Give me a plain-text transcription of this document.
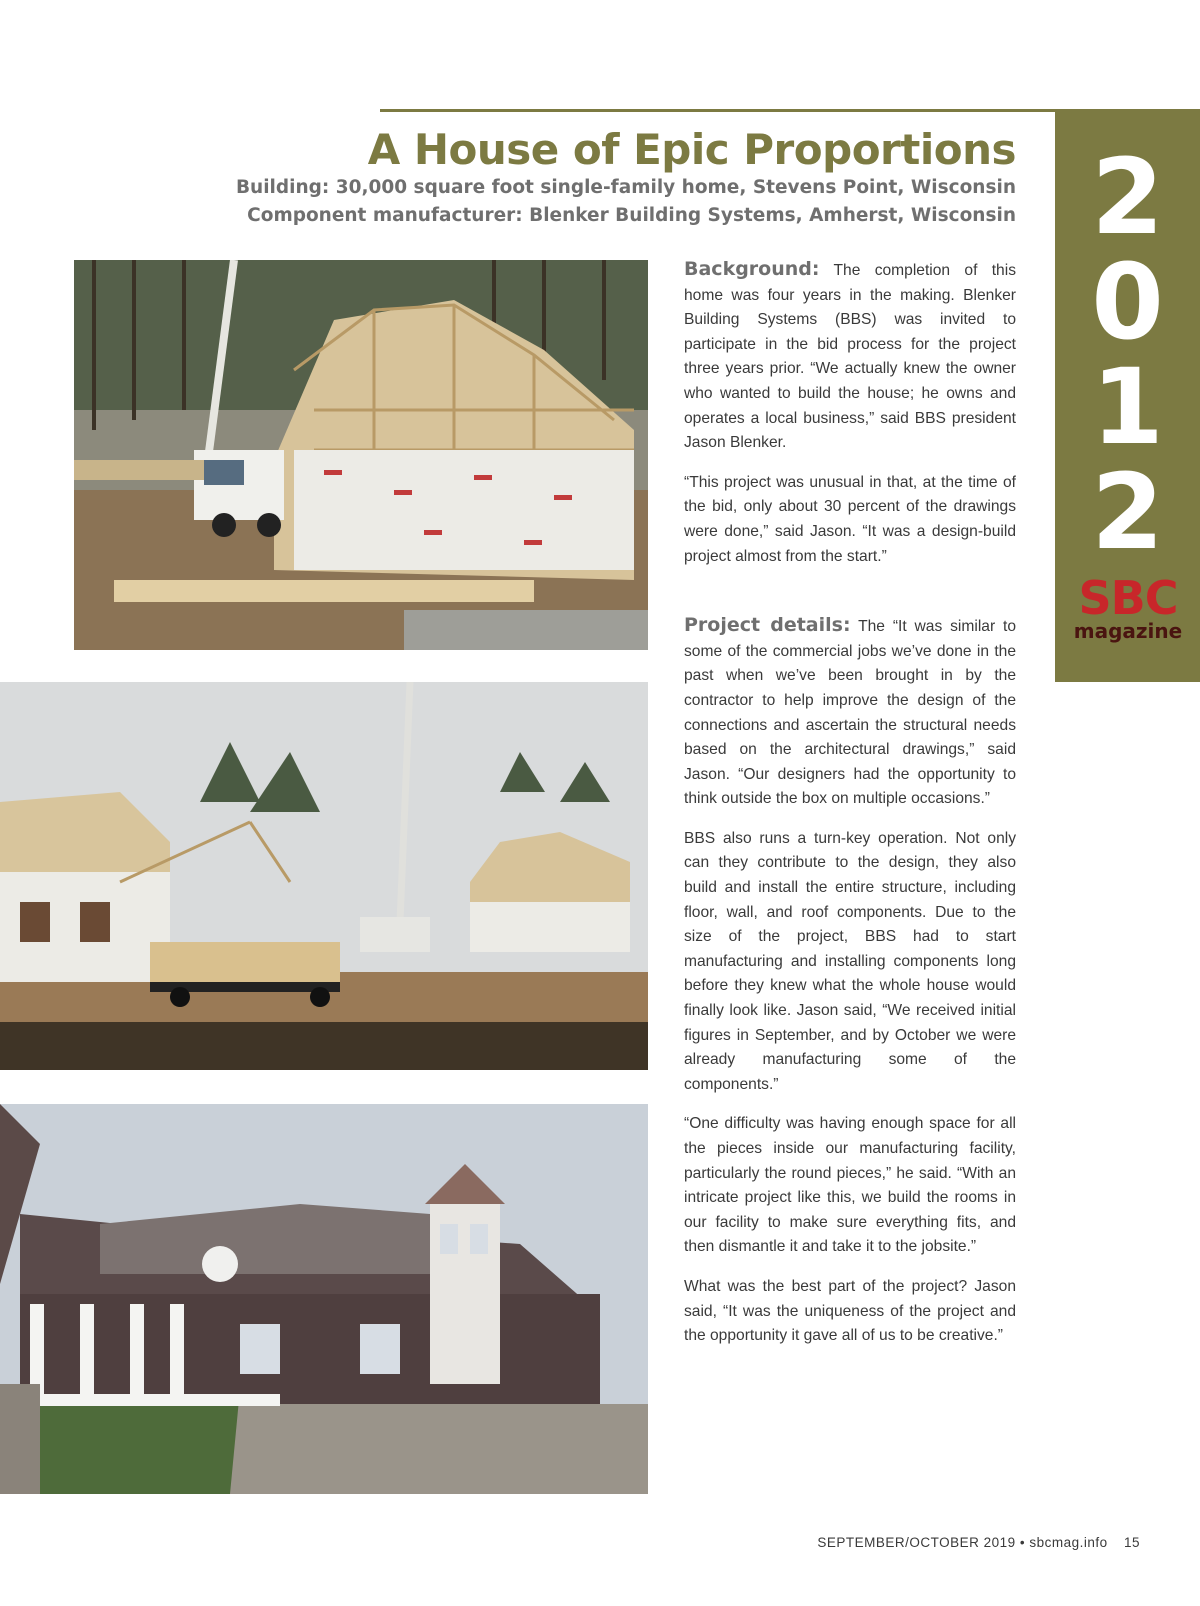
A House of Epic Proportions
Building: 30,000 square foot single-family home, Stevens Point, Wisconsin
Component manufacturer: Blenker Building Systems, Amherst, Wisconsin 2
0
1
2
SBC
magazine

Background: The completion of this home was four years in the making. Blenker Building Systems (BBS) was invited to participate in the bid process for the project three years prior. “We actually knew the owner who wanted to build the house; he owns and operates a local business,” said BBS president Jason Blenker.

“This project was unusual in that, at the time of the bid, only about 30 percent of the drawings were done,” said Jason. “It was a design-build project almost from the start.”

Project details: The “It was similar to some of the commercial jobs we’ve done in the past when we’ve been brought in by the contractor to help improve the design of the connections and ascertain the structural needs based on the architectural drawings,” said Jason. “Our designers had the opportunity to think outside the box on multiple occasions.”

BBS also runs a turn-key operation. Not only can they contribute to the design, they also build and install the entire structure, including floor, wall, and roof components. Due to the size of the project, BBS had to start manufacturing and installing components long before they knew what the whole house would finally look like. Jason said, “We received initial figures in September, and by October we were already manufacturing some of the components.”

“One difficulty was having enough space for all the pieces inside our manufacturing facility, particularly the round pieces,” he said. “With an intricate project like this, we build the rooms in our facility to make sure everything fits, and then dismantle it and take it to the jobsite.”

What was the best part of the project? Jason said, “It was the uniqueness of the project and the opportunity it gave all of us to be creative.”

SEPTEMBER/OCTOBER 2019 • sbcmag.info 15
